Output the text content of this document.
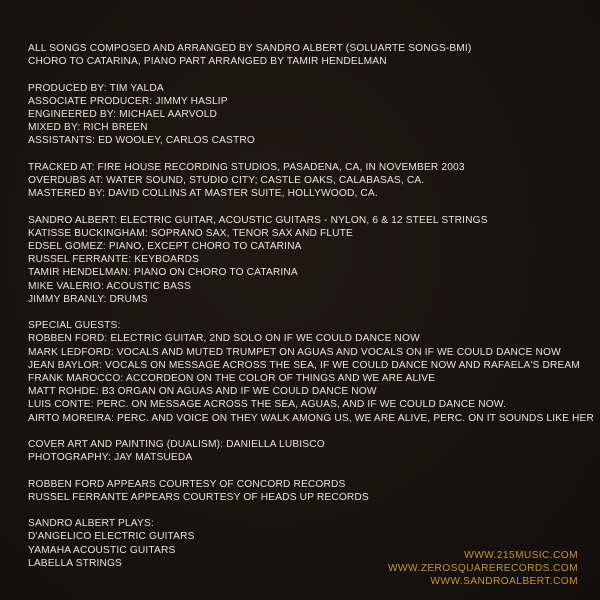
ALL SONGS COMPOSED AND ARRANGED BY SANDRO ALBERT (SOLUARTE SONGS-BMI)
CHORO TO CATARINA, PIANO PART ARRANGED BY TAMIR HENDELMAN
PRODUCED BY: TIM YALDA
ASSOCIATE PRODUCER: JIMMY HASLIP
ENGINEERED BY: MICHAEL AARVOLD
MIXED BY: RICH BREEN
ASSISTANTS: ED WOOLEY, CARLOS CASTRO
TRACKED AT: FIRE HOUSE RECORDING STUDIOS, PASADENA, CA, IN NOVEMBER 2003
OVERDUBS AT: WATER SOUND, STUDIO CITY; CASTLE OAKS, CALABASAS, CA.
MASTERED BY: DAVID COLLINS AT MASTER SUITE, HOLLYWOOD, CA.
SANDRO ALBERT: ELECTRIC GUITAR, ACOUSTIC GUITARS - NYLON, 6 & 12 STEEL STRINGS
KATISSE BUCKINGHAM: SOPRANO SAX, TENOR SAX AND FLUTE
EDSEL GOMEZ: PIANO, EXCEPT CHORO TO CATARINA
RUSSEL FERRANTE: KEYBOARDS
TAMIR HENDELMAN: PIANO ON CHORO TO CATARINA
MIKE VALERIO: ACOUSTIC BASS
JIMMY BRANLY: DRUMS
SPECIAL GUESTS:
ROBBEN FORD: ELECTRIC GUITAR, 2ND SOLO ON IF WE COULD DANCE NOW
MARK LEDFORD: VOCALS AND MUTED TRUMPET ON AGUAS AND VOCALS ON IF WE COULD DANCE NOW
JEAN BAYLOR: VOCALS ON MESSAGE ACROSS THE SEA, IF WE COULD DANCE NOW AND RAFAELA'S DREAM
FRANK MAROCCO: ACCORDEON ON THE COLOR OF THINGS AND WE ARE ALIVE
MATT ROHDE: B3 ORGAN ON AGUAS AND IF WE COULD DANCE NOW
LUIS CONTE: PERC. ON MESSAGE ACROSS THE SEA, AGUAS, AND IF WE COULD DANCE NOW.
AIRTO MOREIRA: PERC. AND VOICE ON THEY WALK AMONG US, WE ARE ALIVE, PERC. ON IT SOUNDS LIKE HER
COVER ART AND PAINTING (DUALISM): DANIELLA LUBISCO
PHOTOGRAPHY: JAY MATSUEDA
ROBBEN FORD APPEARS COURTESY OF CONCORD RECORDS
RUSSEL FERRANTE APPEARS COURTESY OF HEADS UP RECORDS
SANDRO ALBERT PLAYS:
D'ANGELICO ELECTRIC GUITARS
YAMAHA ACOUSTIC GUITARS
LABELLA STRINGS
WWW.215MUSIC.COM
WWW.ZEROSQUARERECORDS.COM
WWW.SANDROALBERT.COM
